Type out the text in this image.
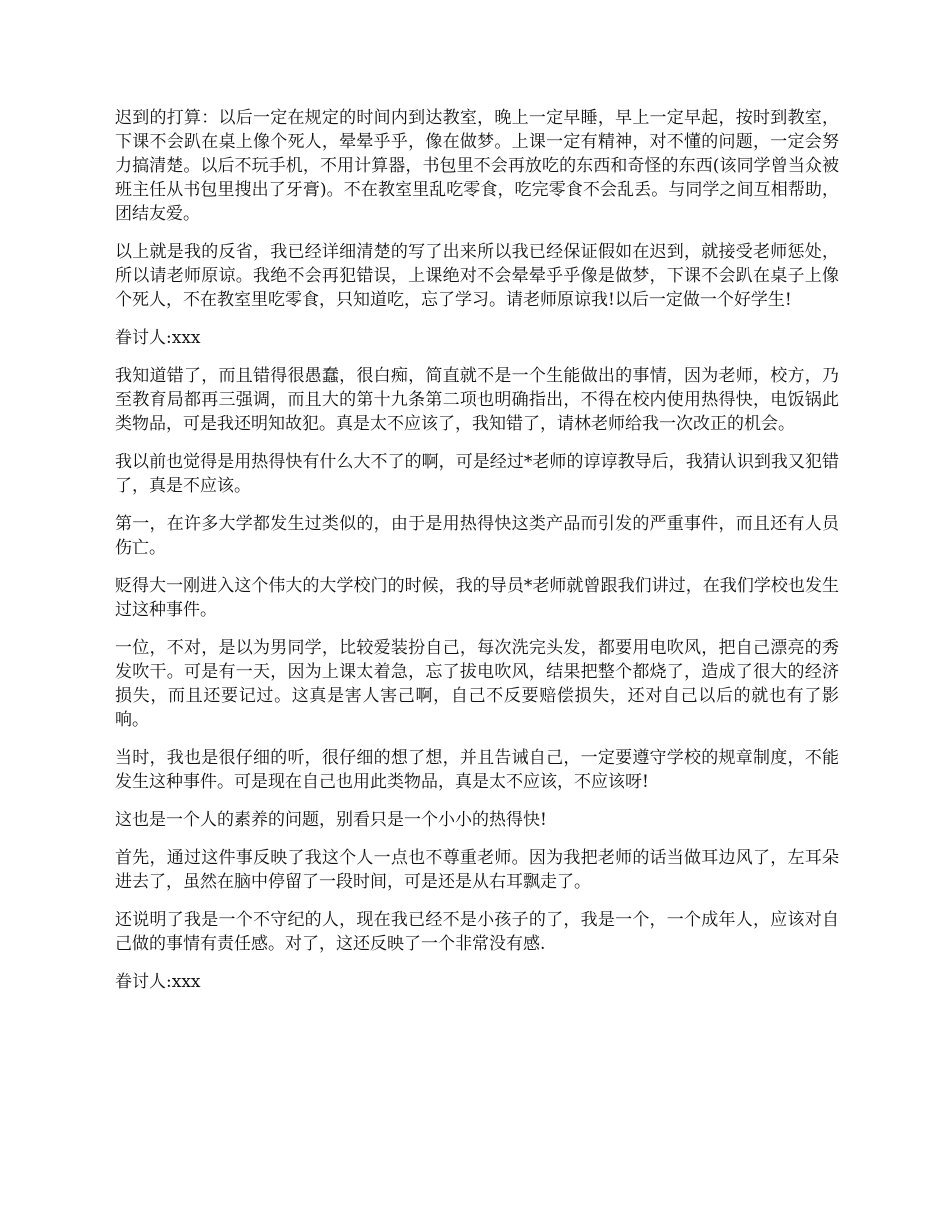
迟到的打算：以后一定在规定的时间内到达教室，晚上一定早睡，早上一定早起，按时到教室，下课不会趴在桌上像个死人，晕晕乎乎，像在做梦。上课一定有精神，对不懂的问题，一定会努力搞清楚。以后不玩手机，不用计算器，书包里不会再放吃的东西和奇怪的东西(该同学曾当众被班主任从书包里搜出了牙膏)。不在教室里乱吃零食，吃完零食不会乱丢。与同学之间互相帮助，团结友爱。

以上就是我的反省，我已经详细清楚的写了出来所以我已经保证假如在迟到，就接受老师惩处，所以请老师原谅。我绝不会再犯错误，上课绝对不会晕晕乎乎像是做梦，下课不会趴在桌子上像个死人，不在教室里吃零食，只知道吃，忘了学习。请老师原谅我!以后一定做一个好学生!

眷讨人:xxx

我知道错了，而且错得很愚蠢，很白痴，简直就不是一个生能做出的事情，因为老师，校方，乃至教育局都再三强调，而且大的第十九条第二项也明确指出，不得在校内使用热得快，电饭锅此类物品，可是我还明知故犯。真是太不应该了，我知错了，请林老师给我一次改正的机会。

我以前也觉得是用热得快有什么大不了的啊，可是经过*老师的谆谆教导后，我猜认识到我又犯错了，真是不应该。

第一，在许多大学都发生过类似的，由于是用热得快这类产品而引发的严重事件，而且还有人员伤亡。

贬得大一刚进入这个伟大的大学校门的时候，我的导员*老师就曾跟我们讲过，在我们学校也发生过这种事件。

一位，不对，是以为男同学，比较爱装扮自己，每次洗完头发，都要用电吹风，把自己漂亮的秀发吹干。可是有一天，因为上课太着急，忘了拔电吹风，结果把整个都烧了，造成了很大的经济损失，而且还要记过。这真是害人害己啊，自己不反要赔偿损失，还对自己以后的就也有了影响。

当时，我也是很仔细的听，很仔细的想了想，并且告诫自己，一定要遵守学校的规章制度，不能发生这种事件。可是现在自己也用此类物品，真是太不应该，不应该呀!

这也是一个人的素养的问题，别看只是一个小小的热得快!

首先，通过这件事反映了我这个人一点也不尊重老师。因为我把老师的话当做耳边风了，左耳朵进去了，虽然在脑中停留了一段时间，可是还是从右耳飘走了。

还说明了我是一个不守纪的人，现在我已经不是小孩子的了，我是一个，一个成年人，应该对自己做的事情有责任感。对了，这还反映了一个非常没有感.

眷讨人:xxx
